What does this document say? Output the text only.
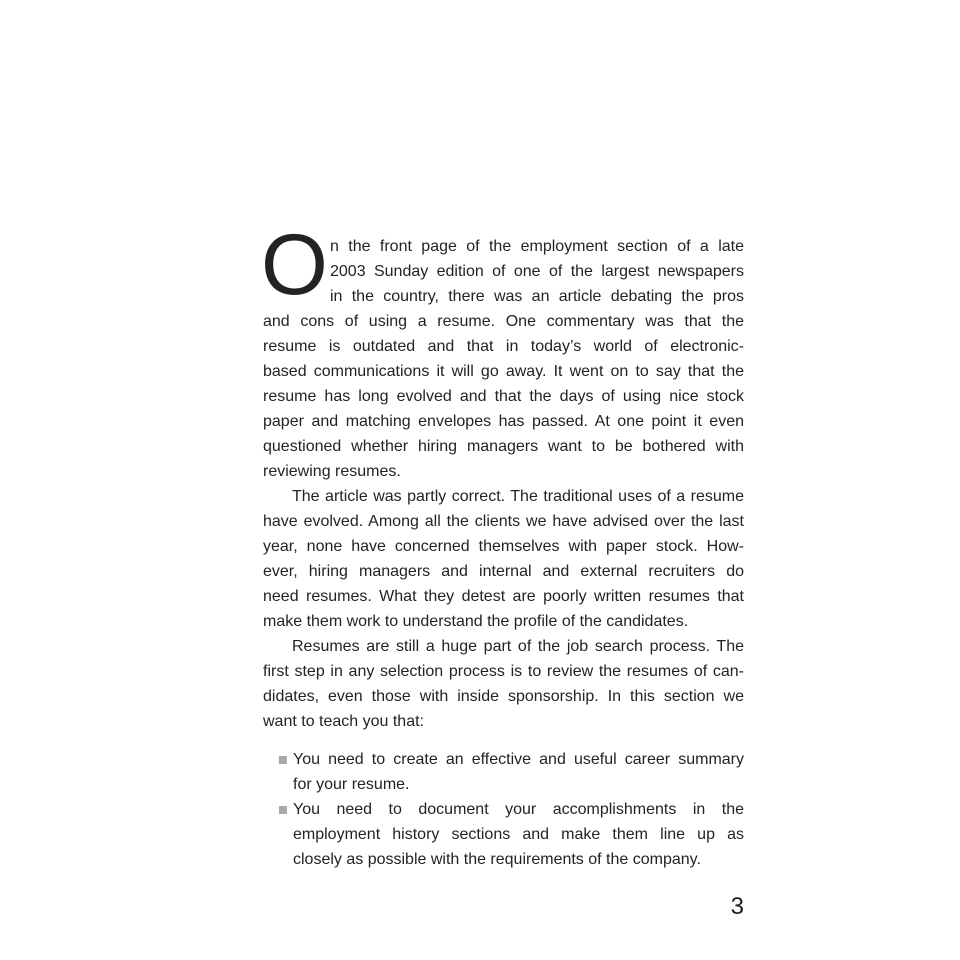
O n the front page of the employment section of a late
2003 Sunday edition of one of the largest newspapers
in the country, there was an article debating the pros
and cons of using a resume. One commentary was that the
resume is outdated and that in today’s world of electronic-
based communications it will go away. It went on to say that the
resume has long evolved and that the days of using nice stock
paper and matching envelopes has passed. At one point it even
questioned whether hiring managers want to be bothered with
reviewing resumes.
The article was partly correct. The traditional uses of a resume
have evolved. Among all the clients we have advised over the last
year, none have concerned themselves with paper stock. How-
ever, hiring managers and internal and external recruiters do
need resumes. What they detest are poorly written resumes that
make them work to understand the profile of the candidates.
Resumes are still a huge part of the job search process. The
first step in any selection process is to review the resumes of can-
didates, even those with inside sponsorship. In this section we
want to teach you that:
You need to create an effective and useful career summary
for your resume.
You need to document your accomplishments in the
employment history sections and make them line up as
closely as possible with the requirements of the company.
3
